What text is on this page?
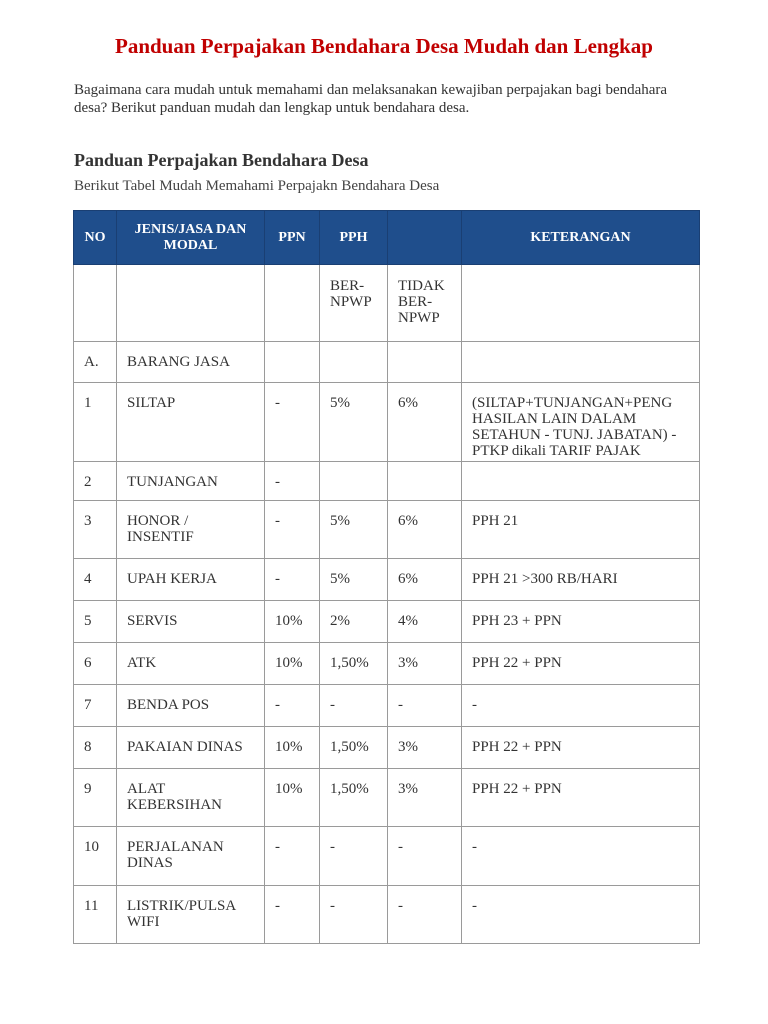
Panduan Perpajakan Bendahara Desa Mudah dan Lengkap

Bagaimana cara mudah untuk memahami dan melaksanakan kewajiban perpajakan bagi bendahara desa? Berikut panduan mudah dan lengkap untuk bendahara desa.

Panduan Perpajakan Bendahara Desa

Berikut Tabel Mudah Memahami Perpajakn Bendahara Desa

NO	JENIS/JASA DAN MODAL	PPN	PPH		KETERANGAN
			BER-NPWP	TIDAK BER-NPWP	
A.	BARANG JASA				
1	SILTAP	-	5%	6%	(SILTAP+TUNJANGAN+PENG HASILAN LAIN DALAM SETAHUN - TUNJ. JABATAN) - PTKP dikali TARIF PAJAK
2	TUNJANGAN	-			
3	HONOR / INSENTIF	-	5%	6%	PPH 21
4	UPAH KERJA	-	5%	6%	PPH 21 >300 RB/HARI
5	SERVIS	10%	2%	4%	PPH 23 + PPN
6	ATK	10%	1,50%	3%	PPH 22 + PPN
7	BENDA POS	-	-	-	-
8	PAKAIAN DINAS	10%	1,50%	3%	PPH 22 + PPN
9	ALAT KEBERSIHAN	10%	1,50%	3%	PPH 22 + PPN
10	PERJALANAN DINAS	-	-	-	-
11	LISTRIK/PULSA WIFI	-	-	-	-
